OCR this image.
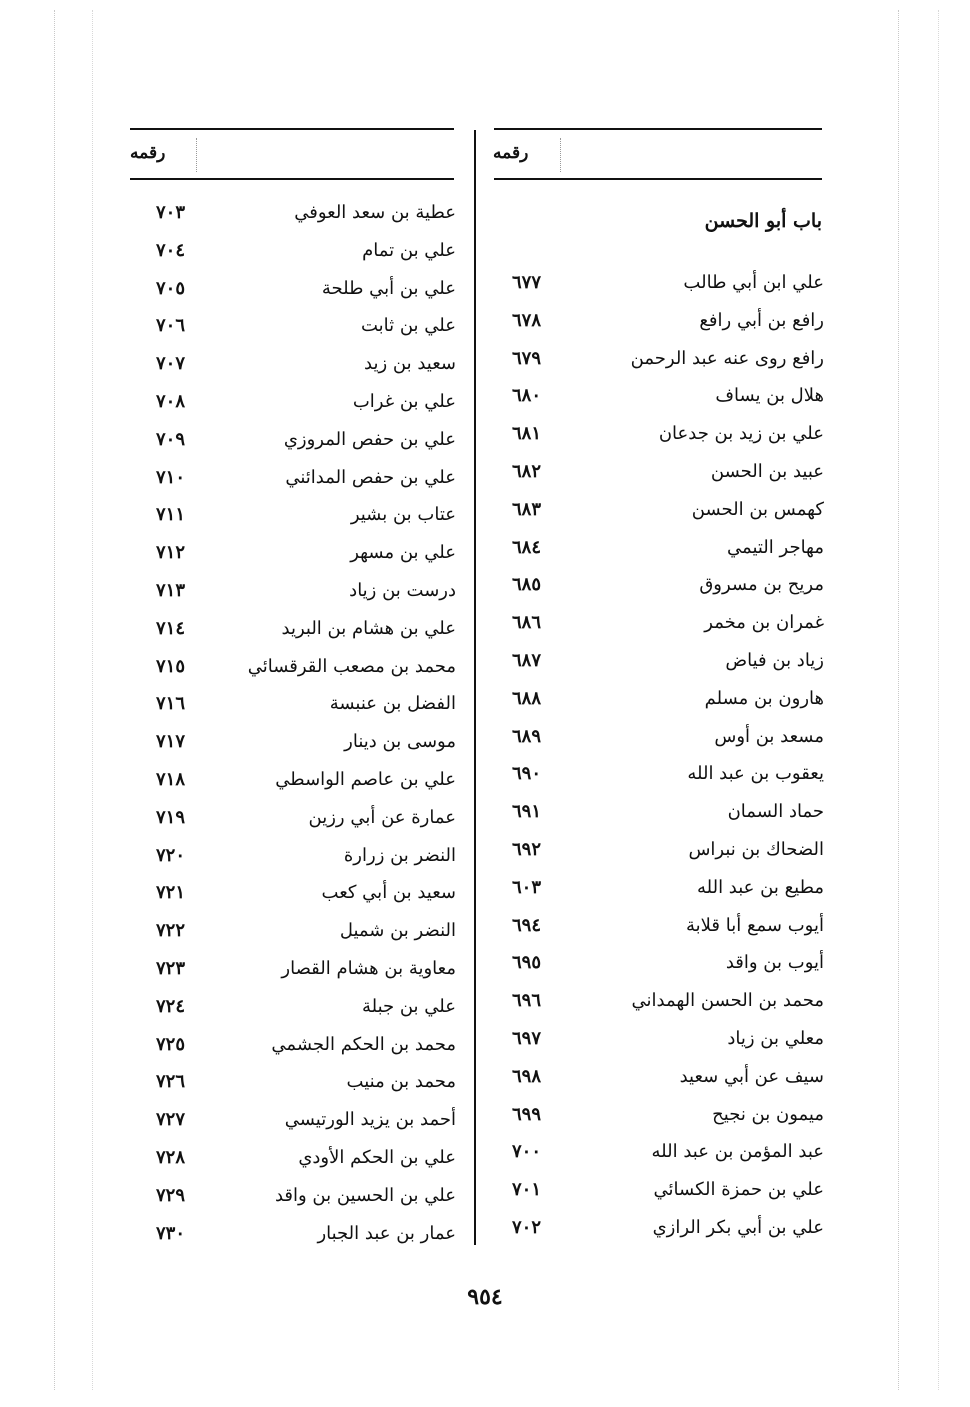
رقمه	رقمه
باب أبو الحسن
عطية بن سعد العوفي
٧٠٣
علي بن تمام
٧٠٤
علي بن أبي طلحة
٧٠٥
علي بن ثابت
٧٠٦
سعيد بن زيد
٧٠٧
علي بن غراب
٧٠٨
علي بن حفص المروزي
٧٠٩
علي بن حفص المدائني
٧١٠
عتاب بن بشير
٧١١
علي بن مسهر
٧١٢
درست بن زياد
٧١٣
علي بن هشام بن البريد
٧١٤
محمد بن مصعب القرقسائي
٧١٥
الفضل بن عنبسة
٧١٦
موسى بن دينار
٧١٧
علي بن عاصم الواسطي
٧١٨
عمارة عن أبي رزين
٧١٩
النضر بن زرارة
٧٢٠
سعيد بن أبي كعب
٧٢١
النضر بن شميل
٧٢٢
معاوية بن هشام القصار
٧٢٣
علي بن جبلة
٧٢٤
محمد بن الحكم الجشمي
٧٢٥
محمد بن منيب
٧٢٦
أحمد بن يزيد الورتيسي
٧٢٧
علي بن الحكم الأودي
٧٢٨
علي بن الحسين بن واقد
٧٢٩
عمار بن عبد الجبار
٧٣٠
علي ابن أبي طالب
٦٧٧
رافع بن أبي رافع
٦٧٨
رافع روى عنه عبد الرحمن
٦٧٩
هلال بن يساف
٦٨٠
علي بن زيد بن جدعان
٦٨١
عبيد بن الحسن
٦٨٢
كهمس بن الحسن
٦٨٣
مهاجر التيمي
٦٨٤
مريح بن مسروق
٦٨٥
غمران بن مخمر
٦٨٦
زياد بن فياض
٦٨٧
هارون بن مسلم
٦٨٨
مسعد بن أوس
٦٨٩
يعقوب بن عبد الله
٦٩٠
حماد السمان
٦٩١
الضحاك بن نبراس
٦٩٢
مطيع بن عبد الله
٦٠٣
أيوب سمع أبا قلابة
٦٩٤
أيوب بن واقد
٦٩٥
محمد بن الحسن الهمداني
٦٩٦
معلي بن زياد
٦٩٧
سيف عن أبي سعيد
٦٩٨
ميمون بن نجيح
٦٩٩
عبد المؤمن بن عبد الله
٧٠٠
علي بن حمزة الكسائي
٧٠١
علي بن أبي بكر الرازي
٧٠٢
٩٥٤
